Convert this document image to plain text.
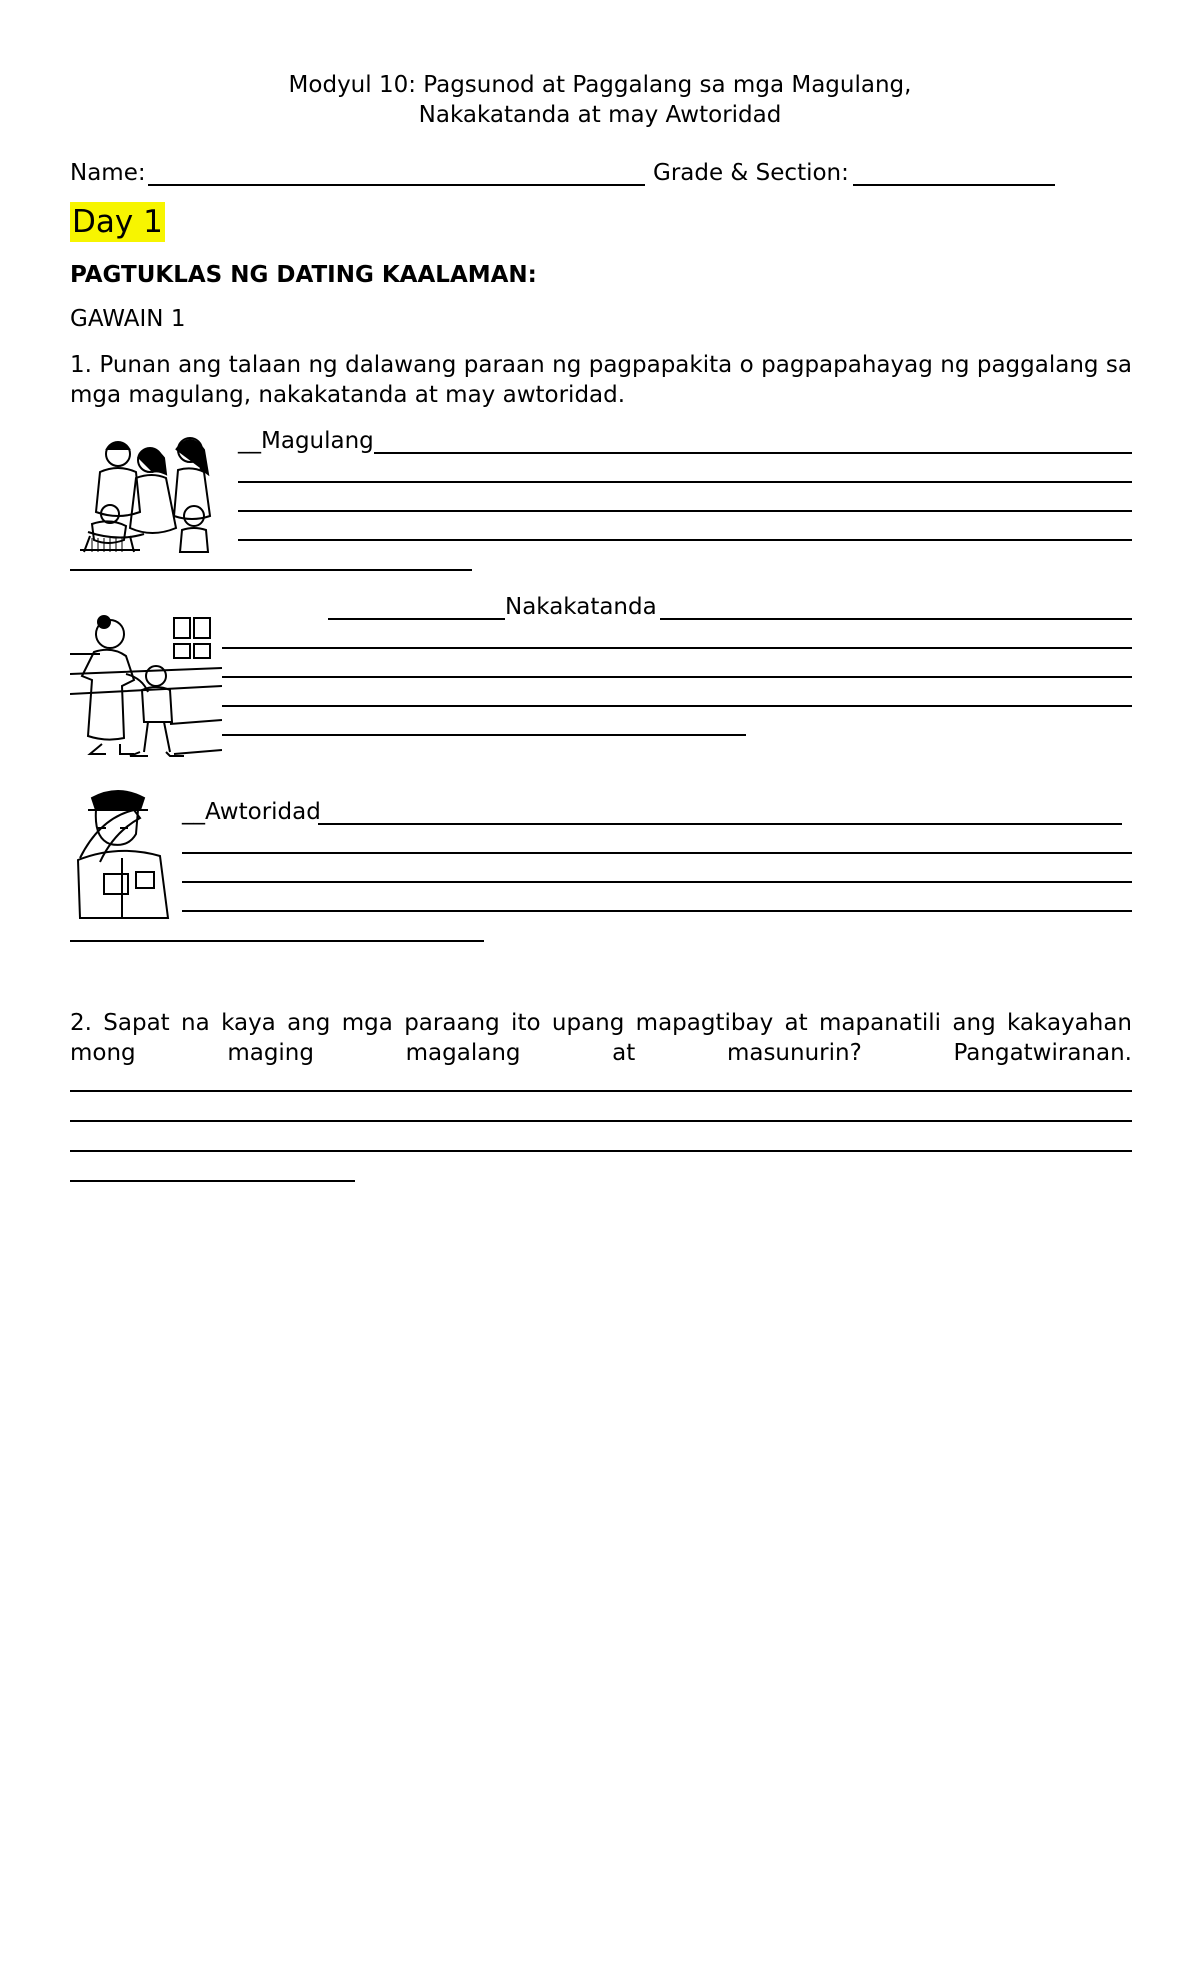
Modyul 10: Pagsunod at Paggalang sa mga Magulang,
Nakakatanda at may Awtoridad
Name:	Grade & Section:
Day 1
PAGTUKLAS NG DATING KAALAMAN:
GAWAIN 1
1. Punan ang talaan ng dalawang paraan ng pagpapakita o pagpapahayag ng paggalang sa mga magulang, nakakatanda at may awtoridad.
__Magulang
Nakakatanda
__Awtoridad
2. Sapat na kaya ang mga paraang ito upang mapagtibay at mapanatili ang kakayahan mong maging magalang at masunurin? Pangatwiranan.
